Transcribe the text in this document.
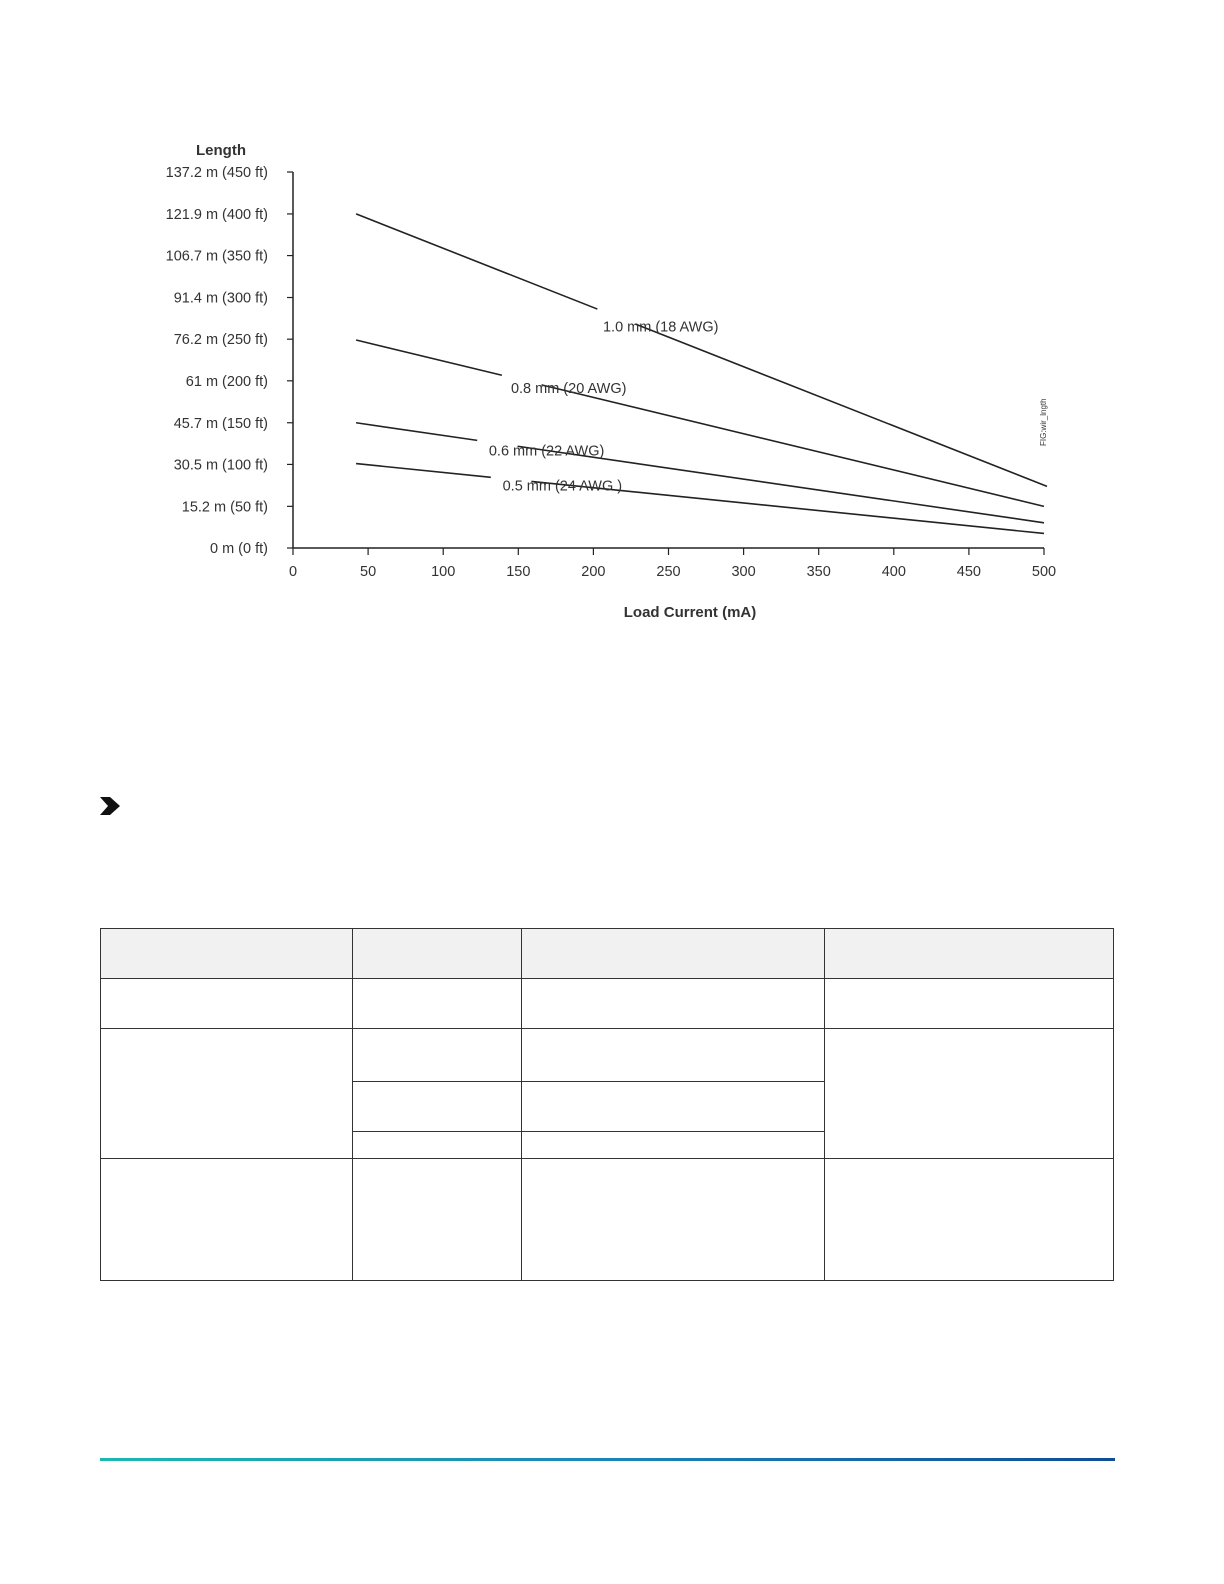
0 m (0 ft)
15.2 m (50 ft)
30.5 m (100 ft)
45.7 m (150 ft)
61 m (200 ft)
76.2 m (250 ft)
91.4 m (300 ft)
106.7 m (350 ft)
121.9 m (400 ft)
137.2 m (450 ft)
0	50	100	150	200	250	300	350	400	450	500
1.0 mm (18 AWG)
0.8 mm (20 AWG)
0.6 mm (22 AWG)
0.5 mm (24 AWG )
Length
Load Current (mA)
FIG:wir_lngth
